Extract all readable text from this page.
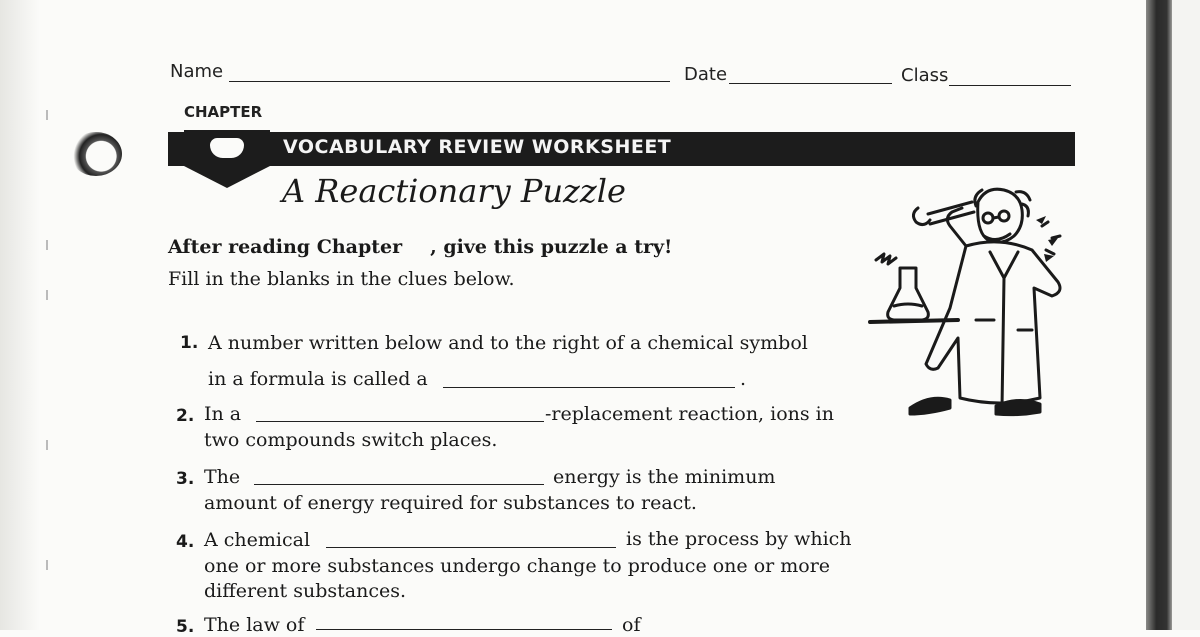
Name	Date	Class
CHAPTER
VOCABULARY REVIEW WORKSHEET
A Reactionary Puzzle
After reading Chapter , give this puzzle a try!
Fill in the blanks in the clues below.
1. A number written below and to the right of a chemical symbol
in a formula is called a	.
2. In a	-replacement reaction, ions in
two compounds switch places.
3. The	energy is the minimum
amount of energy required for substances to react.
4. A chemical	is the process by which
one or more substances undergo change to produce one or more
different substances.
5. The law of	of
